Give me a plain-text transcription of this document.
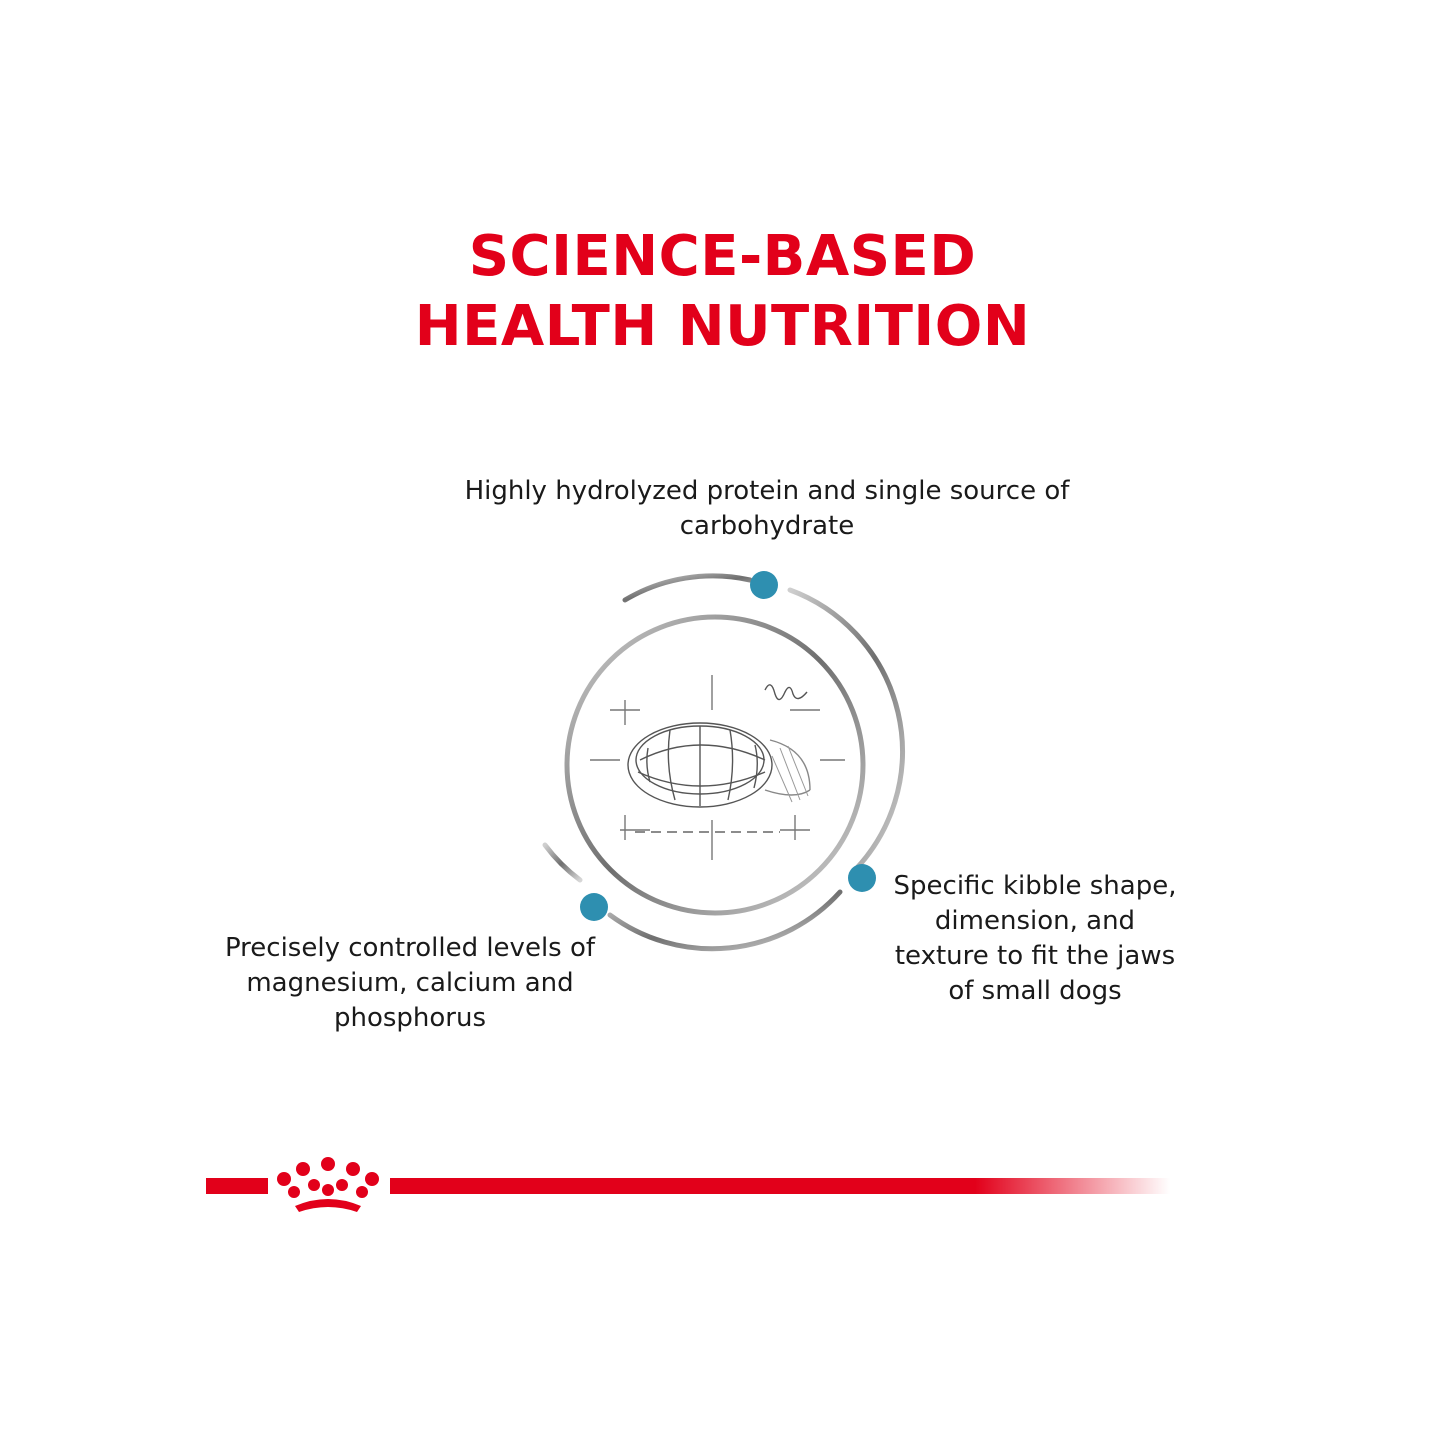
SCIENCE-BASED
HEALTH NUTRITION
Highly hydrolyzed protein and single source of carbohydrate
Precisely controlled levels of magnesium, calcium and phosphorus
Specific kibble shape, dimension, and texture to fit the jaws of small dogs
